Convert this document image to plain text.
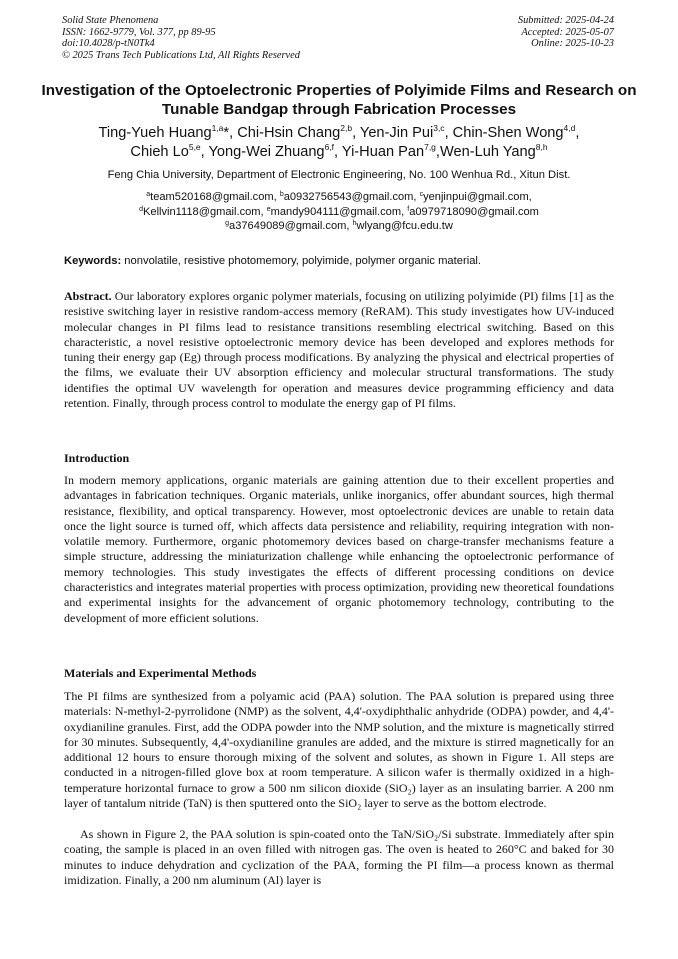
Solid State Phenomena
ISSN: 1662-9779, Vol. 377, pp 89-95
doi:10.4028/p-tN0Tk4
© 2025 Trans Tech Publications Ltd, All Rights Reserved
Submitted: 2025-04-24
Accepted: 2025-05-07
Online: 2025-10-23
Investigation of the Optoelectronic Properties of Polyimide Films and Research on Tunable Bandgap through Fabrication Processes
Ting-Yueh Huang$^{1,a}$*, Chi-Hsin Chang$^{2,b}$, Yen-Jin Pui$^{3,c}$, Chin-Shen Wong$^{4,d}$,
Chieh Lo$^{5,e}$, Yong-Wei Zhuang$^{6,f}$, Yi-Huan Pan$^{7,g}$,Wen-Luh Yang$^{8,h}$
Feng Chia University, Department of Electronic Engineering, No. 100 Wenhua Rd., Xitun Dist.
$^a$team520168@gmail.com, $^b$a0932756543@gmail.com, $^c$yenjinpui@gmail.com,
$^d$Kellvin1118@gmail.com, $^e$mandy904111@gmail.com, $^f$a0979718090@gmail.com
$^g$a37649089@gmail.com, $^h$wlyang@fcu.edu.tw
Keywords: nonvolatile, resistive photomemory, polyimide, polymer organic material.

Abstract. Our laboratory explores organic polymer materials, focusing on utilizing polyimide (PI) films [1] as the resistive switching layer in resistive random-access memory (ReRAM). This study investigates how UV-induced molecular changes in PI films lead to resistance transitions resembling electrical switching. Based on this characteristic, a novel resistive optoelectronic memory device has been developed and explores methods for tuning their energy gap (Eg) through process modifications. By analyzing the physical and electrical properties of the films, we evaluate their UV absorption efficiency and molecular structural transformations. The study identifies the optimal UV wavelength for operation and measures device programming efficiency and data retention. Finally, through process control to modulate the energy gap of PI films.

Introduction

In modern memory applications, organic materials are gaining attention due to their excellent properties and advantages in fabrication techniques. Organic materials, unlike inorganics, offer abundant sources, high thermal resistance, flexibility, and optical transparency. However, most optoelectronic devices are unable to retain data once the light source is turned off, which affects data persistence and reliability, requiring integration with non-volatile memory. Furthermore, organic photomemory devices based on charge-transfer mechanisms feature a simple structure, addressing the miniaturization challenge while enhancing the optoelectronic performance of memory technologies. This study investigates the effects of different processing conditions on device characteristics and integrates material properties with process optimization, providing new theoretical foundations and experimental insights for the advancement of organic photomemory technology, contributing to the development of more efficient solutions.

Materials and Experimental Methods

The PI films are synthesized from a polyamic acid (PAA) solution. The PAA solution is prepared using three materials: N-methyl-2-pyrrolidone (NMP) as the solvent, 4,4'-oxydiphthalic anhydride (ODPA) powder, and 4,4'-oxydianiline granules. First, add the ODPA powder into the NMP solution, and the mixture is magnetically stirred for 30 minutes. Subsequently, 4,4'-oxydianiline granules are added, and the mixture is stirred magnetically for an additional 12 hours to ensure thorough mixing of the solvent and solutes, as shown in Figure 1. All steps are conducted in a nitrogen-filled glove box at room temperature. A silicon wafer is thermally oxidized in a high-temperature horizontal furnace to grow a 500 nm silicon dioxide (SiO₂) layer as an insulating barrier. A 200 nm layer of tantalum nitride (TaN) is then sputtered onto the SiO₂ layer to serve as the bottom electrode.

As shown in Figure 2, the PAA solution is spin-coated onto the TaN/SiO₂/Si substrate. Immediately after spin coating, the sample is placed in an oven filled with nitrogen gas. The oven is heated to 260°C and baked for 30 minutes to induce dehydration and cyclization of the PAA, forming the PI film—a process known as thermal imidization. Finally, a 200 nm aluminum (Al) layer is
